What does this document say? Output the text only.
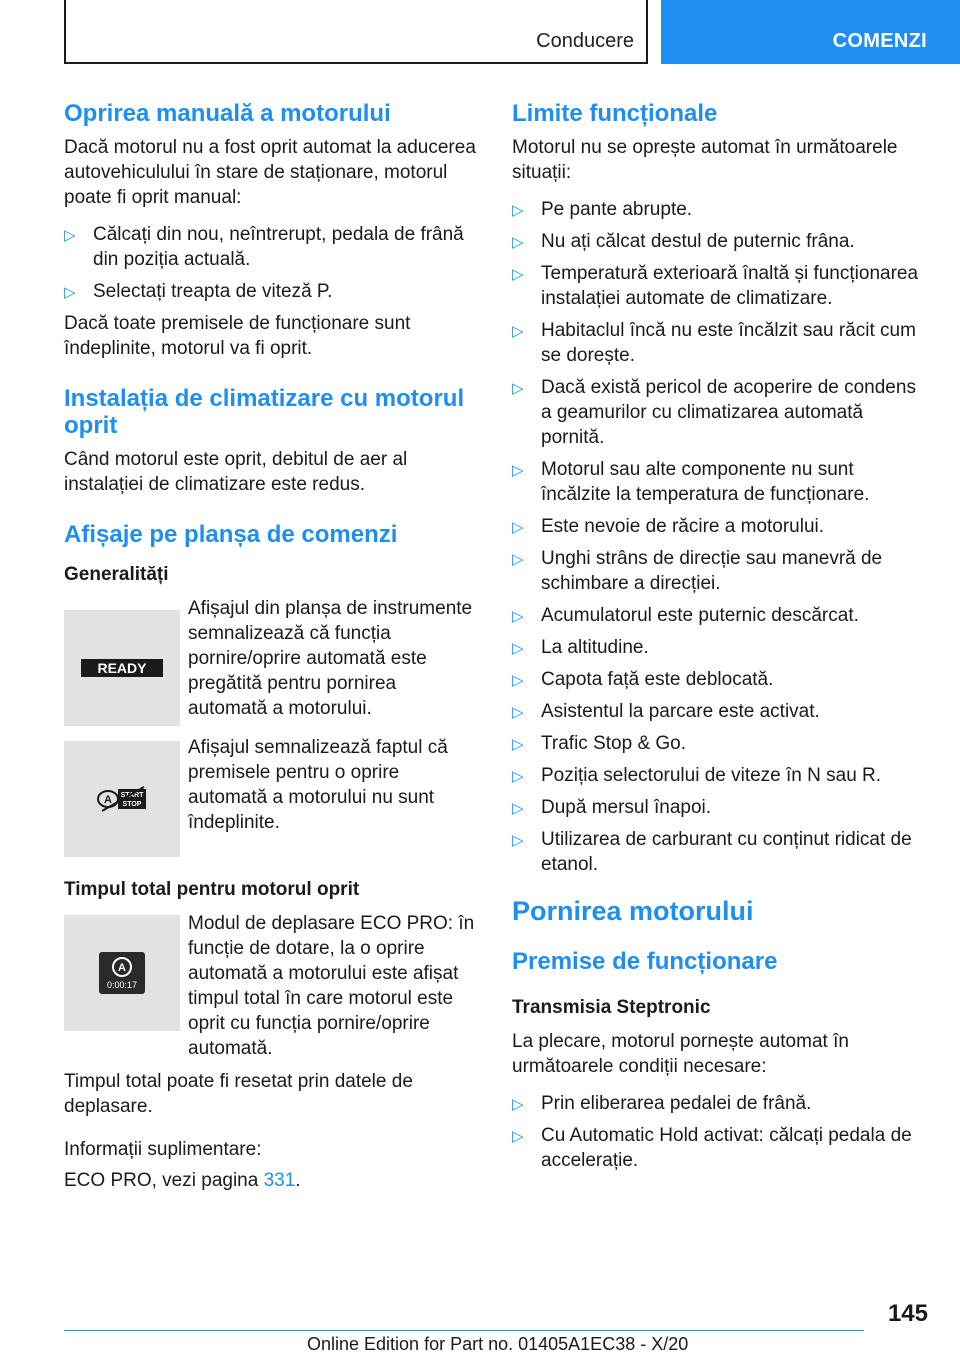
Conducere	COMENZI
Oprirea manuală a motorului

Dacă motorul nu a fost oprit automat la aducerea autovehiculului în stare de staționare, motorul poate fi oprit manual:

▷ Călcați din nou, neîntrerupt, pedala de frână din poziția actuală.
▷ Selectați treapta de viteză P.

Dacă toate premisele de funcționare sunt îndeplinite, motorul va fi oprit.

Instalația de climatizare cu motorul oprit

Când motorul este oprit, debitul de aer al instalației de climatizare este redus.

Afișaje pe planșa de comenzi
Generalități
READY
Afișajul din planșa de instrumente semnalizează că funcția pornire/oprire automată este pregătită pentru pornirea automată a motorului.
A START
STOP
Afișajul semnalizează faptul că premisele pentru o oprire automată a motorului nu sunt îndeplinite.
Timpul total pentru motorul oprit
A
0:00:17

Modul de deplasare ECO PRO: în funcție de dotare, la o oprire automată a motorului este afișat timpul total în care motorul este oprit cu funcția pornire/oprire automată.

Timpul total poate fi resetat prin datele de deplasare.

Informații suplimentare:

ECO PRO, vezi pagina 331.

Limite funcționale

Motorul nu se oprește automat în următoarele situații:

▷ Pe pante abrupte.
▷ Nu ați călcat destul de puternic frâna.
▷ Temperatură exterioară înaltă și funcționarea instalației automate de climatizare.
▷ Habitaclul încă nu este încălzit sau răcit cum se dorește.
▷ Dacă există pericol de acoperire de condens a geamurilor cu climatizarea automată pornită.
▷ Motorul sau alte componente nu sunt încălzite la temperatura de funcționare.
▷ Este nevoie de răcire a motorului.
▷ Unghi strâns de direcție sau manevră de schimbare a direcției.
▷ Acumulatorul este puternic descărcat.
▷ La altitudine.
▷ Capota față este deblocată.
▷ Asistentul la parcare este activat.
▷ Trafic Stop & Go.
▷ Poziția selectorului de viteze în N sau R.
▷ După mersul înapoi.
▷ Utilizarea de carburant cu conținut ridicat de etanol.
Pornirea motorului
Premise de funcționare
Transmisia Steptronic

La plecare, motorul pornește automat în următoarele condiții necesare:

▷ Prin eliberarea pedalei de frână.
▷ Cu Automatic Hold activat: călcați pedala de accelerație.
145
Online Edition for Part no. 01405A1EC38 - X/20
